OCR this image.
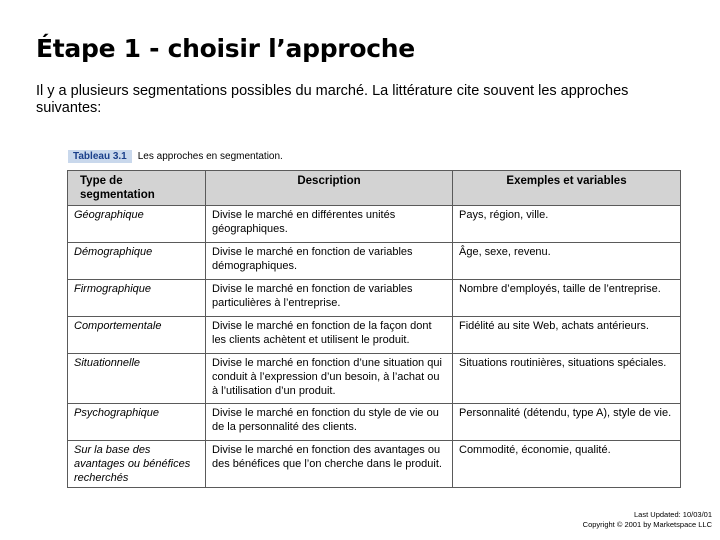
Étape 1 - choisir l’approche
Il y a plusieurs segmentations possibles du marché. La littérature cite souvent les approches suivantes:
Tableau 3.1	Les approches en segmentation.
Type de segmentation	Description	Exemples et variables
Géographique	Divise le marché en différentes unités géographiques.	Pays, région, ville.
Démographique	Divise le marché en fonction de variables démographiques.	Âge, sexe, revenu.
Firmographique	Divise le marché en fonction de variables particulières à l’entreprise.	Nombre d’employés, taille de l’entreprise.
Comportementale	Divise le marché en fonction de la façon dont les clients achètent et utilisent le produit.	Fidélité au site Web, achats antérieurs.
Situationnelle	Divise le marché en fonction d’une situation qui conduit à l’expression d’un besoin, à l’achat ou à l’utilisation d’un produit.	Situations routinières, situations spéciales.
Psychographique	Divise le marché en fonction du style de vie ou de la personnalité des clients.	Personnalité (détendu, type A), style de vie.
Sur la base des avantages ou bénéfices recherchés	Divise le marché en fonction des avantages ou des bénéfices que l’on cherche dans le produit.	Commodité, économie, qualité.
Last Updated: 10/03/01
Copyright © 2001 by Marketspace LLC
